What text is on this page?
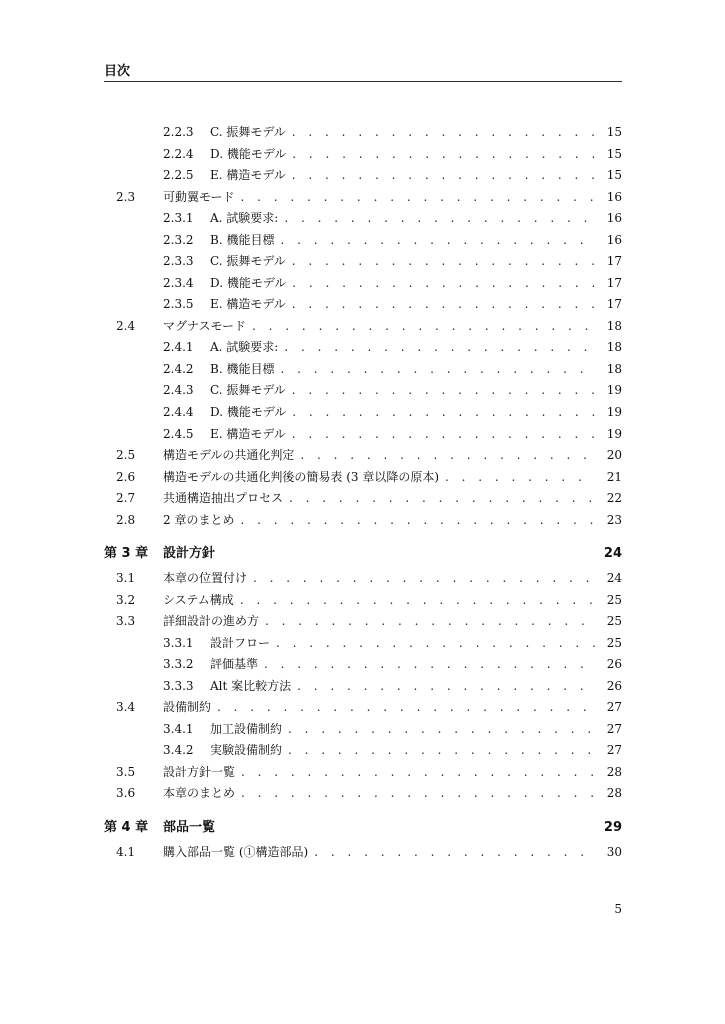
目次
2.2.3 C. 振舞モデル . . .	15
2.2.4 D. 機能モデル . . .	15
2.2.5 E. 構造モデル . . .	15
2.3 可動翼モード . . .	16
2.3.1 A. 試験要求: . . .	16
2.3.2 B. 機能目標 . . .	16
2.3.3 C. 振舞モデル . . .	17
2.3.4 D. 機能モデル . . .	17
2.3.5 E. 構造モデル . . .	17
2.4 マグナスモード . . .	18
2.4.1 A. 試験要求: . . .	18
2.4.2 B. 機能目標 . . .	18
2.4.3 C. 振舞モデル . . .	19
2.4.4 D. 機能モデル . . .	19
2.4.5 E. 構造モデル . . .	19
2.5 構造モデルの共通化判定 . . .	20
2.6 構造モデルの共通化判後の簡易表 (3 章以降の原本) . . .	21
2.7 共通構造抽出プロセス . . .	22
2.8 2 章のまとめ . . .	23
第 3 章 設計方針	24
3.1 本章の位置付け . . .	24
3.2 システム構成 . . .	25
3.3 詳細設計の進め方 . . .	25
3.3.1 設計フロー . . .	25
3.3.2 評価基準 . . .	26
3.3.3 Alt 案比較方法 . . .	26
3.4 設備制約 . . .	27
3.4.1 加工設備制約 . . .	27
3.4.2 実験設備制約 . . .	27
3.5 設計方針一覧 . . .	28
3.6 本章のまとめ . . .	28
第 4 章 部品一覧	29
4.1 購入部品一覧 (①構造部品) . . .	30
5
